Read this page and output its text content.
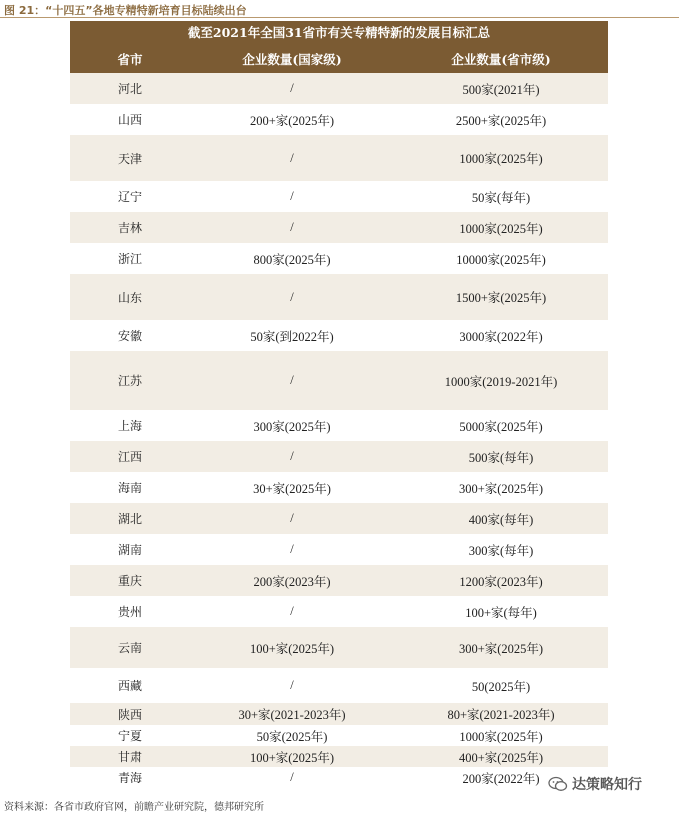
图 21：“十四五”各地专精特新培育目标陆续出台
截至2021年全国31省市有关专精特新的发展目标汇总
省市	企业数量(国家级)	企业数量(省市级)
河北	/	500家(2021年)
山西	200+家(2025年)	2500+家(2025年)
天津	/	1000家(2025年)
辽宁	/	50家(每年)
吉林	/	1000家(2025年)
浙江	800家(2025年)	10000家(2025年)
山东	/	1500+家(2025年)
安徽	50家(到2022年)	3000家(2022年)
江苏	/	1000家(2019-2021年)
上海	300家(2025年)	5000家(2025年)
江西	/	500家(每年)
海南	30+家(2025年)	300+家(2025年)
湖北	/	400家(每年)
湖南	/	300家(每年)
重庆	200家(2023年)	1200家(2023年)
贵州	/	100+家(每年)
云南	100+家(2025年)	300+家(2025年)
西藏	/	50(2025年)
陕西	30+家(2021-2023年)	80+家(2021-2023年)
宁夏	50家(2025年)	1000家(2025年)
甘肃	100+家(2025年)	400+家(2025年)
青海	/	200家(2022年)
资料来源：各省市政府官网，前瞻产业研究院，德邦研究所
达策略知行
